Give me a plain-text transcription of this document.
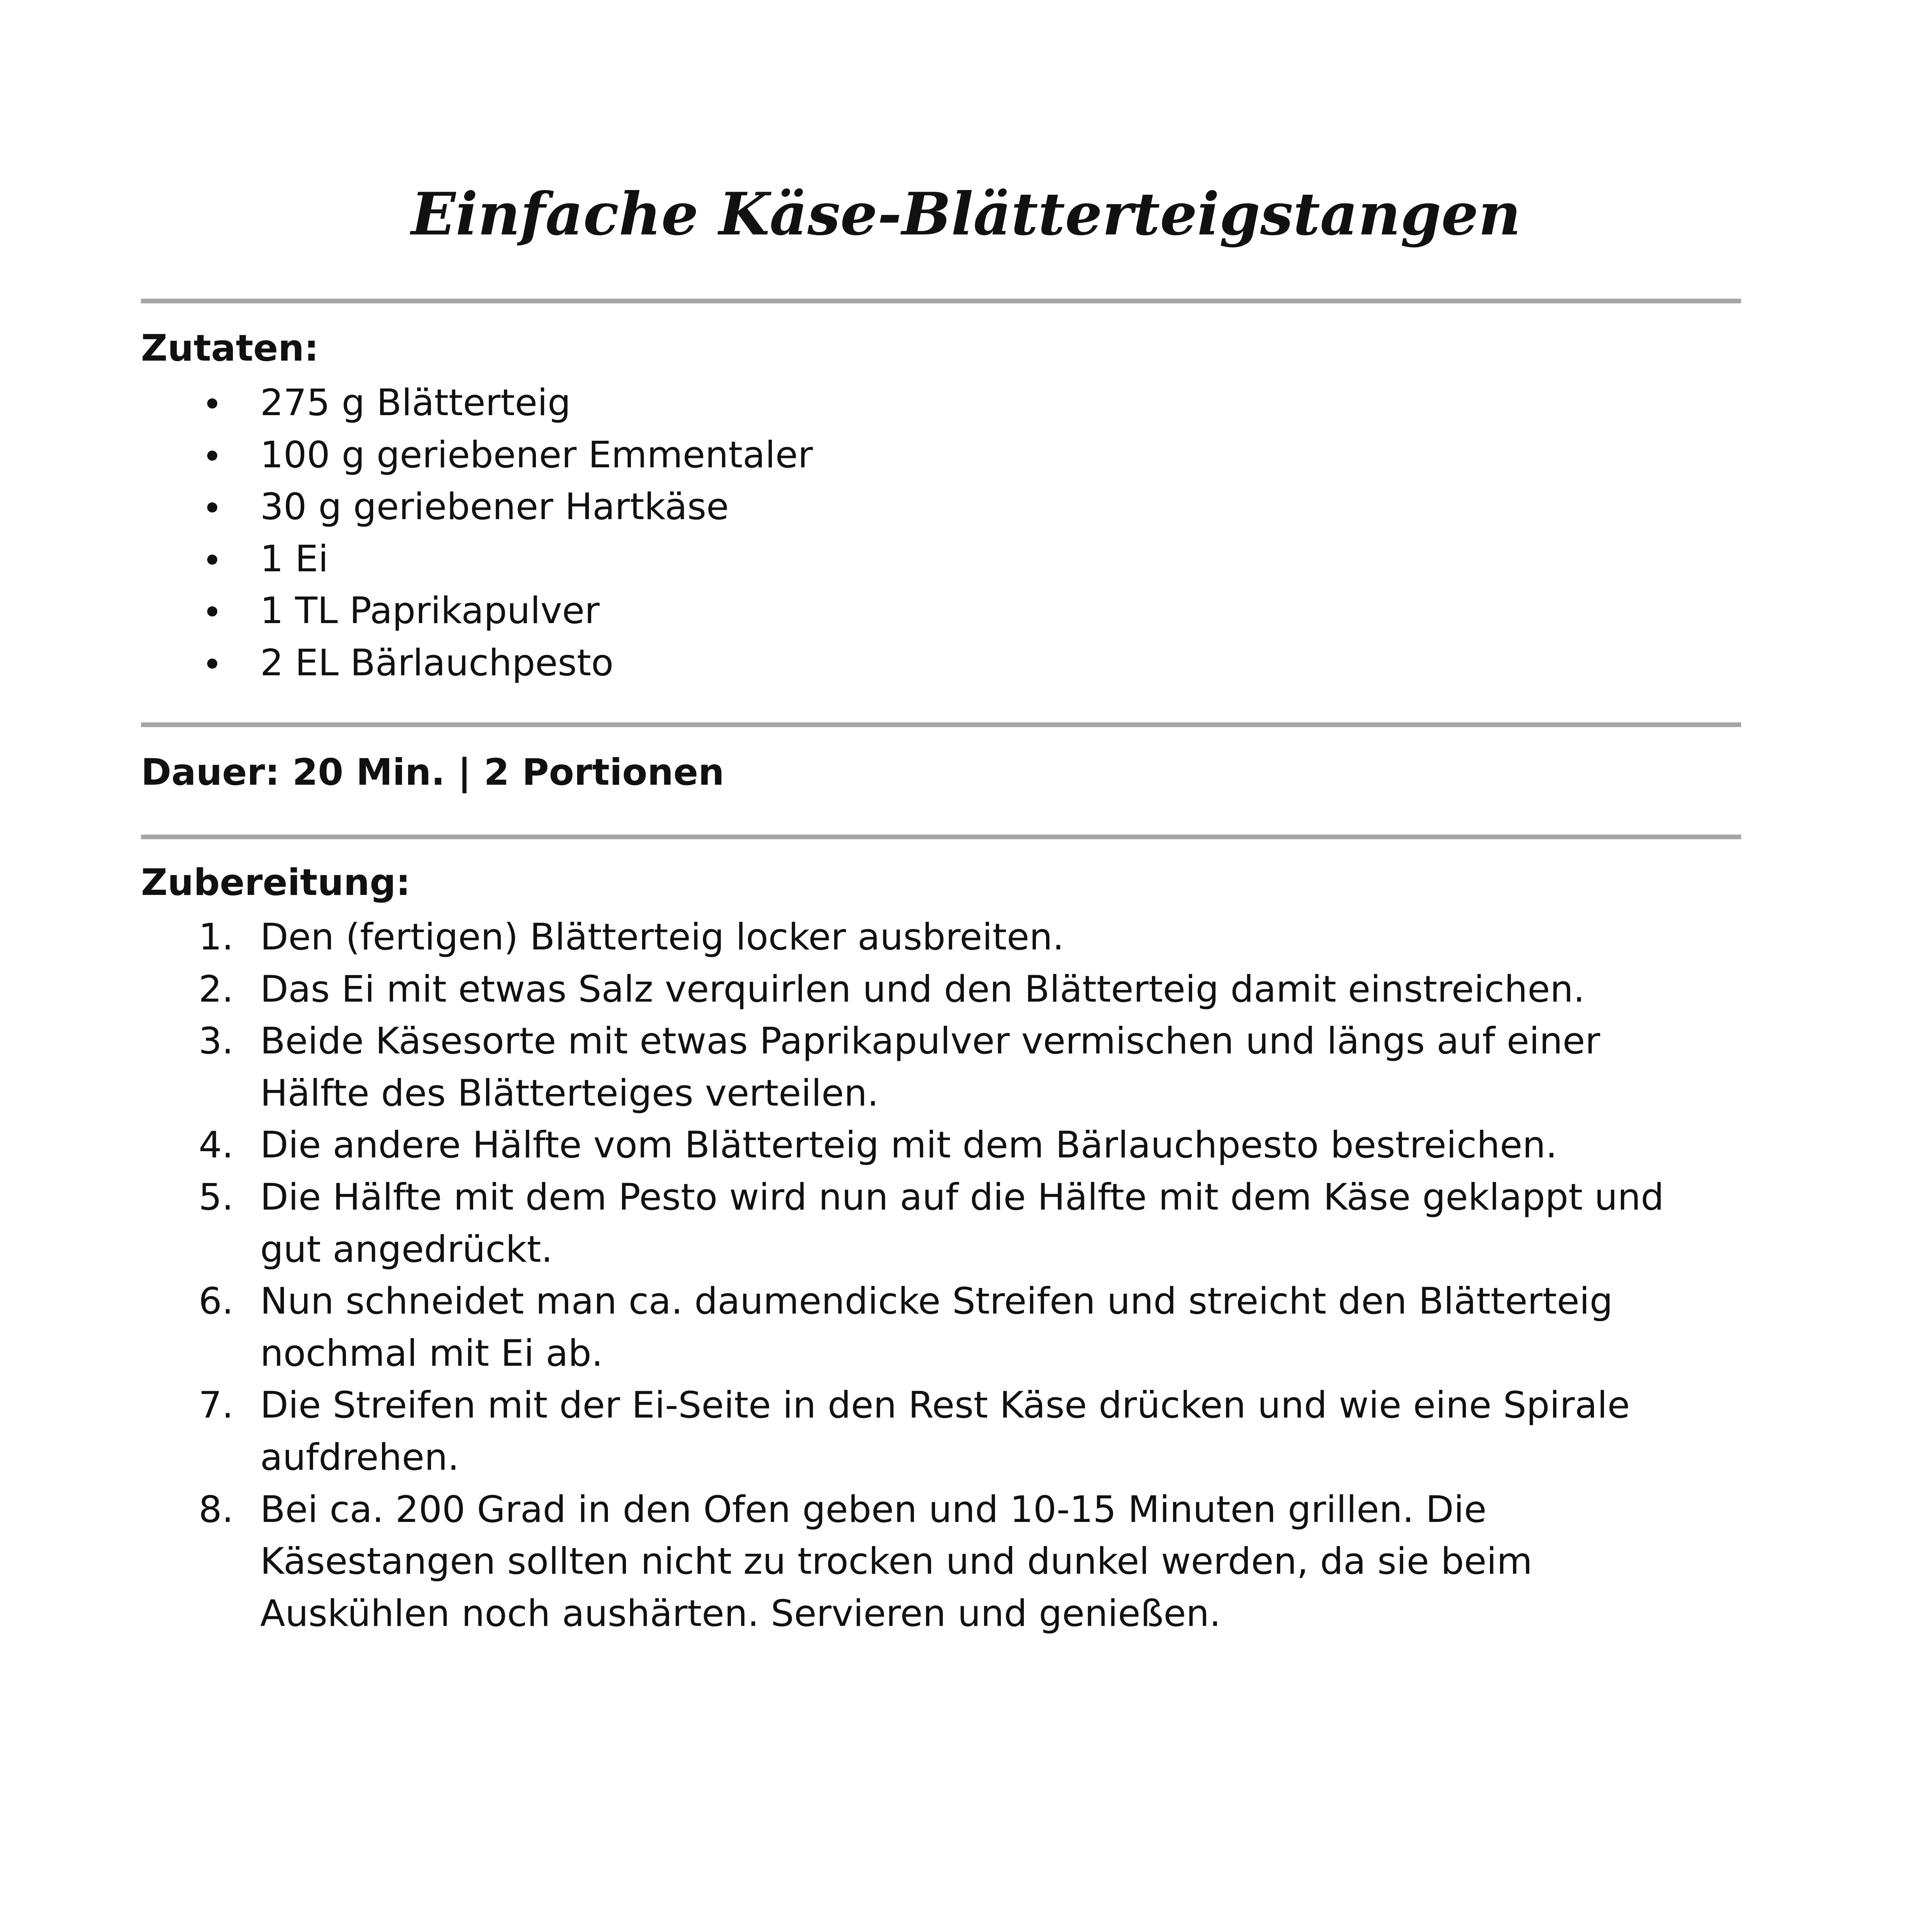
Einfache Käse-Blätterteigstangen
Zutaten:
275 g Blätterteig
100 g geriebener Emmentaler
30 g geriebener Hartkäse
1 Ei
1 TL Paprikapulver
2 EL Bärlauchpesto
Dauer: 20 Min. | 2 Portionen
Zubereitung:
1. Den (fertigen) Blätterteig locker ausbreiten.
2. Das Ei mit etwas Salz verquirlen und den Blätterteig damit einstreichen.
3. Beide Käsesorte mit etwas Paprikapulver vermischen und längs auf einer
Hälfte des Blätterteiges verteilen.
4. Die andere Hälfte vom Blätterteig mit dem Bärlauchpesto bestreichen.
5. Die Hälfte mit dem Pesto wird nun auf die Hälfte mit dem Käse geklappt und
gut angedrückt.
6. Nun schneidet man ca. daumendicke Streifen und streicht den Blätterteig
nochmal mit Ei ab.
7. Die Streifen mit der Ei-Seite in den Rest Käse drücken und wie eine Spirale
aufdrehen.
8. Bei ca. 200 Grad in den Ofen geben und 10-15 Minuten grillen. Die
Käsestangen sollten nicht zu trocken und dunkel werden, da sie beim
Auskühlen noch aushärten. Servieren und genießen.
